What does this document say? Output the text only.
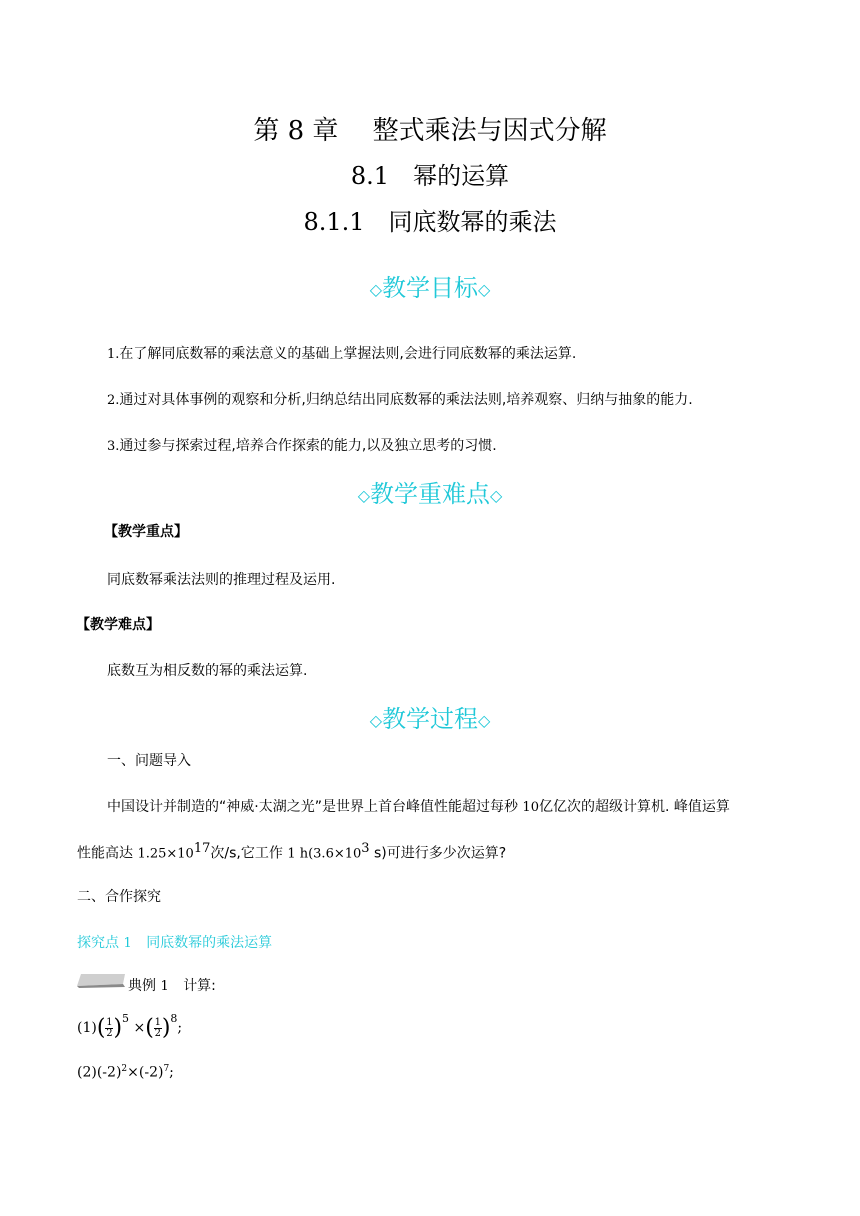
第 8 章　 整式乘法与因式分解
8.1　幂的运算
8.1.1　同底数幂的乘法
◇教学目标◇
1.在了解同底数幂的乘法意义的基础上掌握法则,会进行同底数幂的乘法运算.
2.通过对具体事例的观察和分析,归纳总结出同底数幂的乘法法则,培养观察、归纳与抽象的能力.
3.通过参与探索过程,培养合作探索的能力,以及独立思考的习惯.
◇教学重难点◇
【教学重点】
同底数幂乘法法则的推理过程及运用.
【教学难点】
底数互为相反数的幂的乘法运算.
◇教学过程◇
一、问题导入
中国设计并制造的“神威·太湖之光”是世界上首台峰值性能超过每秒 10亿亿次的超级计算机. 峰值运算
性能高达 $1.25\times 10^{17}$次/s,它工作 1 $h(3.6\times 10^3$ s)可进行多少次运算?
二、合作探究
探究点 1 同底数幂的乘法运算
典例 1 计算:
$(1)( \frac{1}{2} )^5$ ×( $\frac{1}{2} )^8$;
$(2)(-2)^2\times(-2)^7$;
